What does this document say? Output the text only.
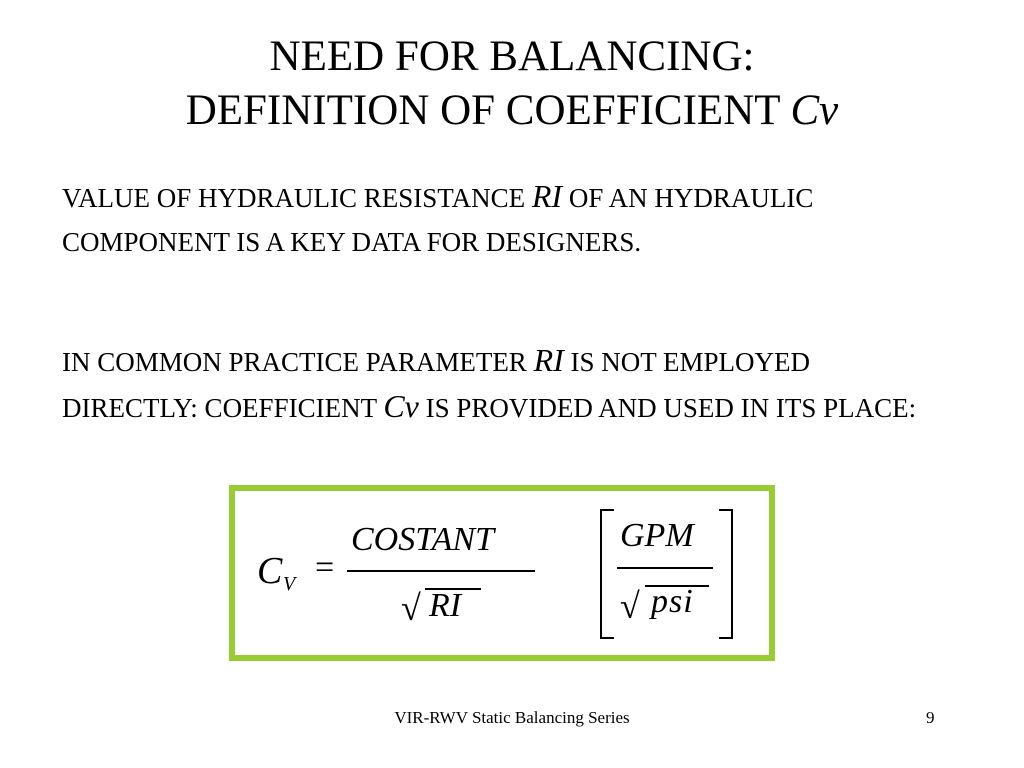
NEED FOR BALANCING:
DEFINITION OF COEFFICIENT Cv
VALUE OF HYDRAULIC RESISTANCE RI OF AN HYDRAULIC COMPONENT IS A KEY DATA FOR DESIGNERS.
IN COMMON PRACTICE PARAMETER RI IS NOT EMPLOYED DIRECTLY: COEFFICIENT Cv IS PROVIDED AND USED IN ITS PLACE:
C V =
COSTANT
√ RI
GPM
√ psi
VIR-RWV Static Balancing Series	9
